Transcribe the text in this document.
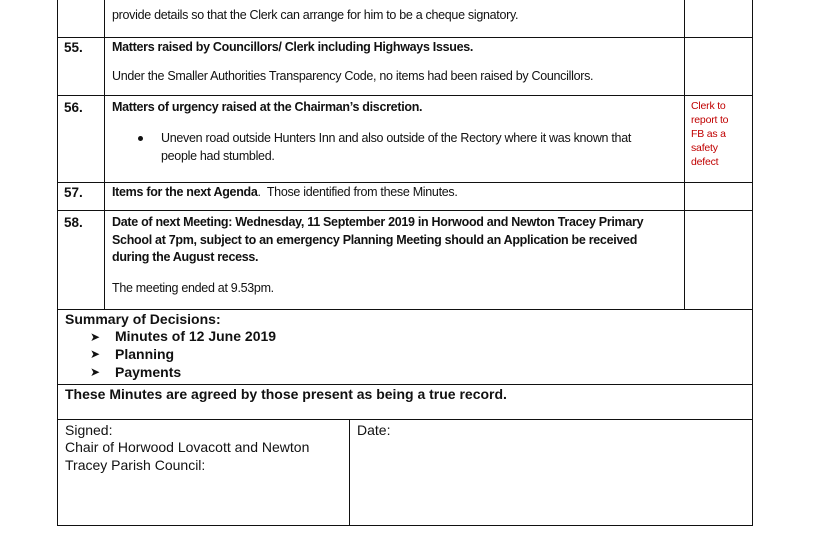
provide details so that the Clerk can arrange for him to be a cheque signatory.
55. Matters raised by Councillors/ Clerk including Highways Issues.
Under the Smaller Authorities Transparency Code, no items had been raised by Councillors.
56. Matters of urgency raised at the Chairman’s discretion.
Uneven road outside Hunters Inn and also outside of the Rectory where it was known that
people had stumbled.
Clerk to
report to
FB as a
safety
defect
57. Items for the next Agenda.  Those identified from these Minutes.
58. Date of next Meeting: Wednesday, 11 September 2019 in Horwood and Newton Tracey Primary
School at 7pm, subject to an emergency Planning Meeting should an Application be received
during the August recess.
The meeting ended at 9.53pm.
Summary of Decisions:
➤ Minutes of 12 June 2019
➤ Planning
➤ Payments
These Minutes are agreed by those present as being a true record.
Signed:
Chair of Horwood Lovacott and Newton
Tracey Parish Council:
Date:
